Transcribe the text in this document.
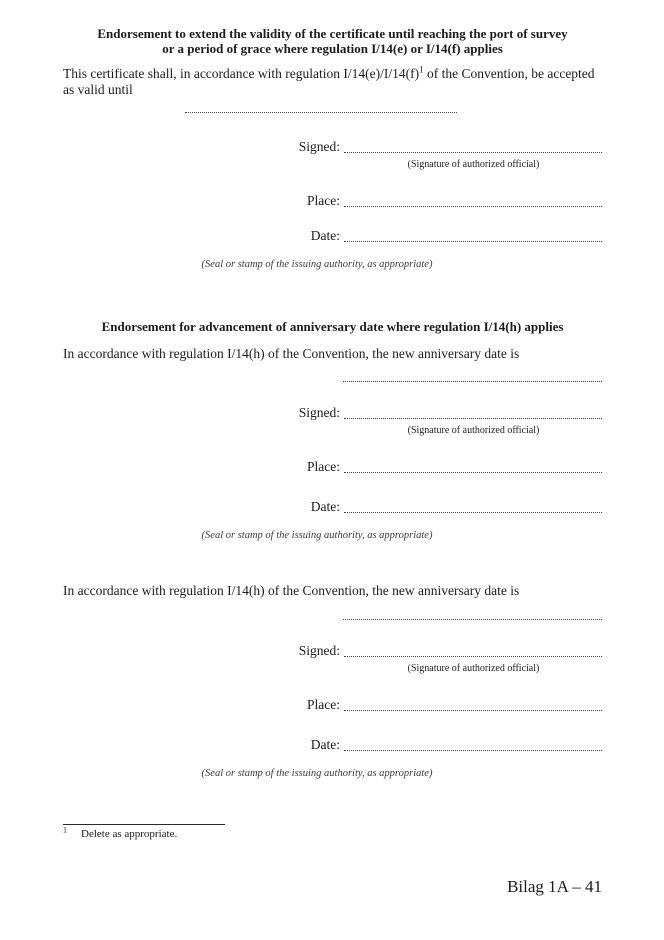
Endorsement to extend the validity of the certificate until reaching the port of survey
or a period of grace where regulation I/14(e) or I/14(f) applies

This certificate shall, in accordance with regulation I/14(e)/I/14(f)$^1$ of the Convention, be accepted as valid until

Signed:
(Signature of authorized official)
Place:
Date:
(Seal or stamp of the issuing authority, as appropriate)
Endorsement for advancement of anniversary date where regulation I/14(h) applies

In accordance with regulation I/14(h) of the Convention, the new anniversary date is

Signed:
(Signature of authorized official)
Place:
Date:
(Seal or stamp of the issuing authority, as appropriate)

In accordance with regulation I/14(h) of the Convention, the new anniversary date is

Signed:
(Signature of authorized official)
Place:
Date:
(Seal or stamp of the issuing authority, as appropriate)
$^1$ Delete as appropriate.
Bilag 1A – 41
